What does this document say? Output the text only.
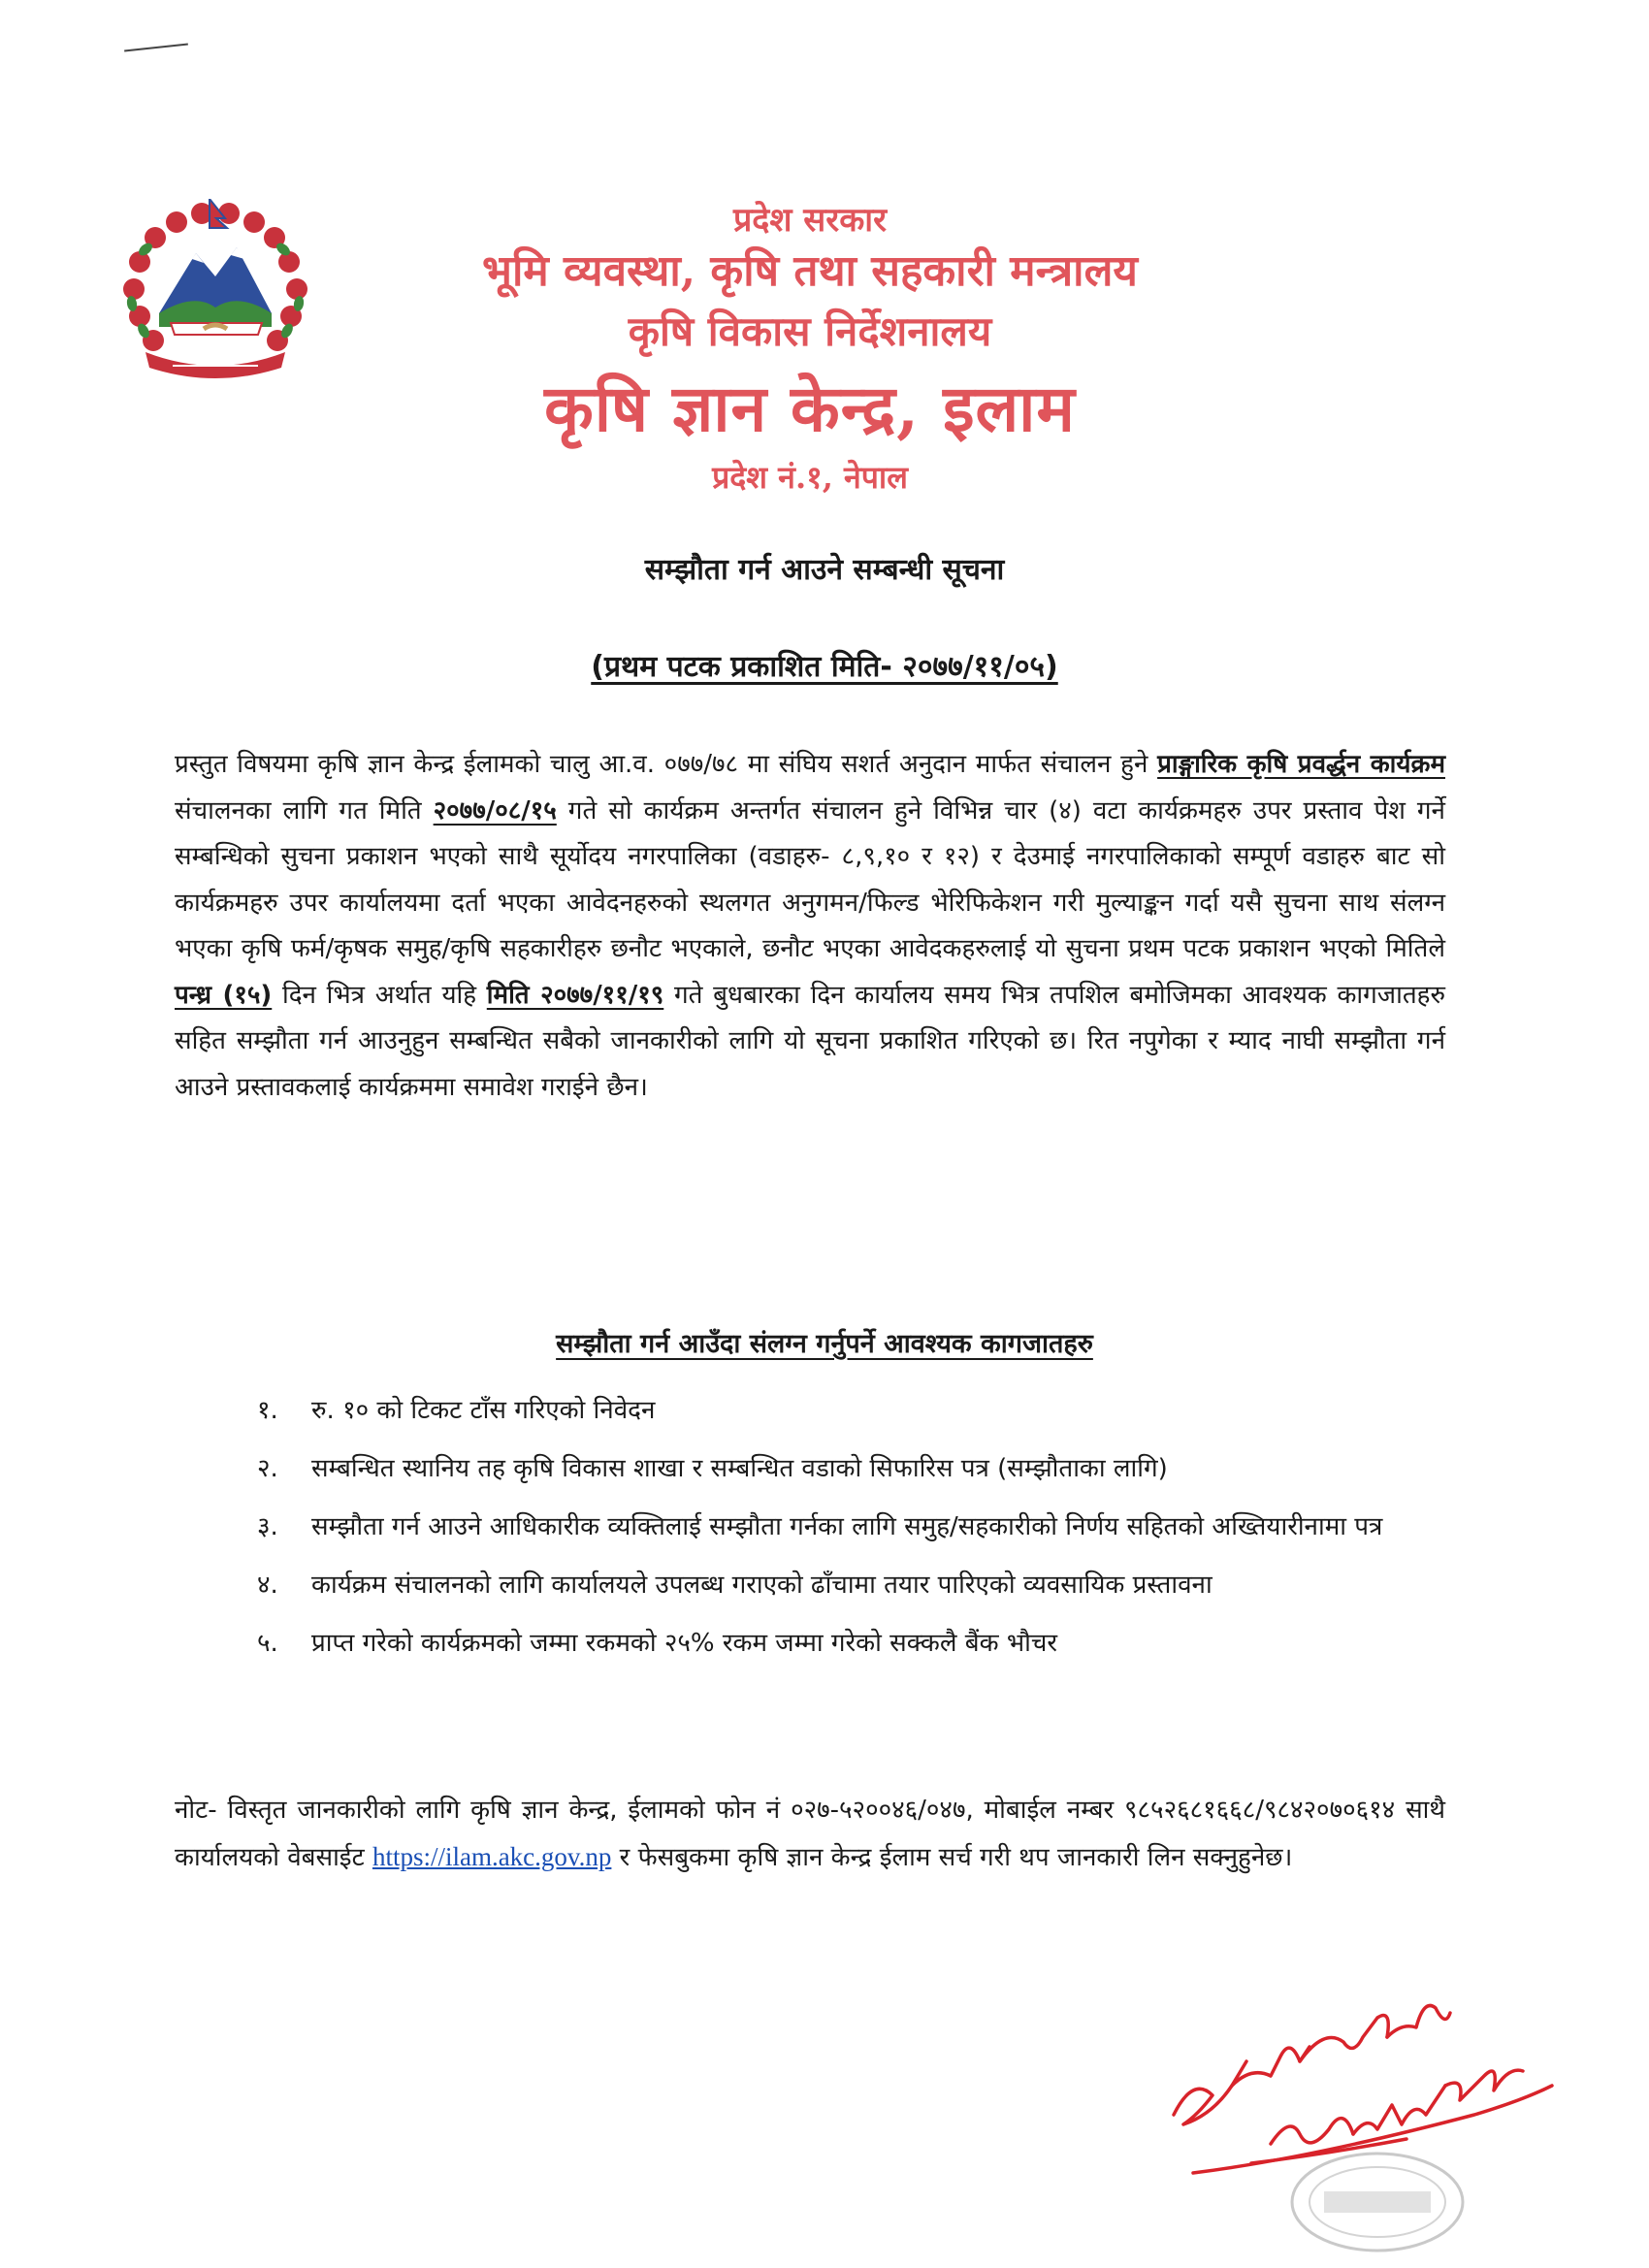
प्रदेश सरकार

भूमि व्यवस्था, कृषि तथा सहकारी मन्त्रालय

कृषि विकास निर्देशनालय

कृषि ज्ञान केन्द्र, इलाम

प्रदेश नं.१, नेपाल

सम्झौता गर्न आउने सम्बन्धी सूचना

(प्रथम पटक प्रकाशित मिति- २०७७/११/०५)

प्रस्तुत विषयमा कृषि ज्ञान केन्द्र ईलामको चालु आ.व. ०७७/७८ मा संघिय सशर्त अनुदान मार्फत संचालन हुने प्राङ्गारिक कृषि प्रवर्द्धन कार्यक्रम संचालनका लागि गत मिति २०७७/०८/१५ गते सो कार्यक्रम अन्तर्गत संचालन हुने विभिन्न चार (४) वटा कार्यक्रमहरु उपर प्रस्ताव पेश गर्ने सम्बन्धिको सुचना प्रकाशन भएको साथै सूर्योदय नगरपालिका (वडाहरु- ८,९,१० र १२) र देउमाई नगरपालिकाको सम्पूर्ण वडाहरु बाट सो कार्यक्रमहरु उपर कार्यालयमा दर्ता भएका आवेदनहरुको स्थलगत अनुगमन/फिल्ड भेरिफिकेशन गरी मुल्याङ्कन गर्दा यसै सुचना साथ संलग्न भएका कृषि फर्म/कृषक समुह/कृषि सहकारीहरु छनौट भएकाले, छनौट भएका आवेदकहरुलाई यो सुचना प्रथम पटक प्रकाशन भएको मितिले पन्ध्र (१५) दिन भित्र अर्थात यहि मिति २०७७/११/१९ गते बुधबारका दिन कार्यालय समय भित्र तपशिल बमोजिमका आवश्यक कागजातहरु सहित सम्झौता गर्न आउनुहुन सम्बन्धित सबैको जानकारीको लागि यो सूचना प्रकाशित गरिएको छ। रित नपुगेका र म्याद नाघी सम्झौता गर्न आउने प्रस्तावकलाई कार्यक्रममा समावेश गराईने छैन।

सम्झौता गर्न आउँदा संलग्न गर्नुपर्ने आवश्यक कागजातहरु

१.	रु. १० को टिकट टाँस गरिएको निवेदन
२.	सम्बन्धित स्थानिय तह कृषि विकास शाखा र सम्बन्धित वडाको सिफारिस पत्र (सम्झौताका लागि)
३.	सम्झौता गर्न आउने आधिकारीक व्यक्तिलाई सम्झौता गर्नका लागि समुह/सहकारीको निर्णय सहितको अख्तियारीनामा पत्र
४.	कार्यक्रम संचालनको लागि कार्यालयले उपलब्ध गराएको ढाँचामा तयार पारिएको व्यवसायिक प्रस्तावना
५.	प्राप्त गरेको कार्यक्रमको जम्मा रकमको २५% रकम जम्मा गरेको सक्कलै बैंक भौचर

नोट- विस्तृत जानकारीको लागि कृषि ज्ञान केन्द्र, ईलामको फोन नं ०२७-५२००४६/०४७, मोबाईल नम्बर ९८५२६८१६६८/९८४२०७०६१४ साथै कार्यालयको वेबसाईट https://ilam.akc.gov.np र फेसबुकमा कृषि ज्ञान केन्द्र ईलाम सर्च गरी थप जानकारी लिन सक्नुहुनेछ।
